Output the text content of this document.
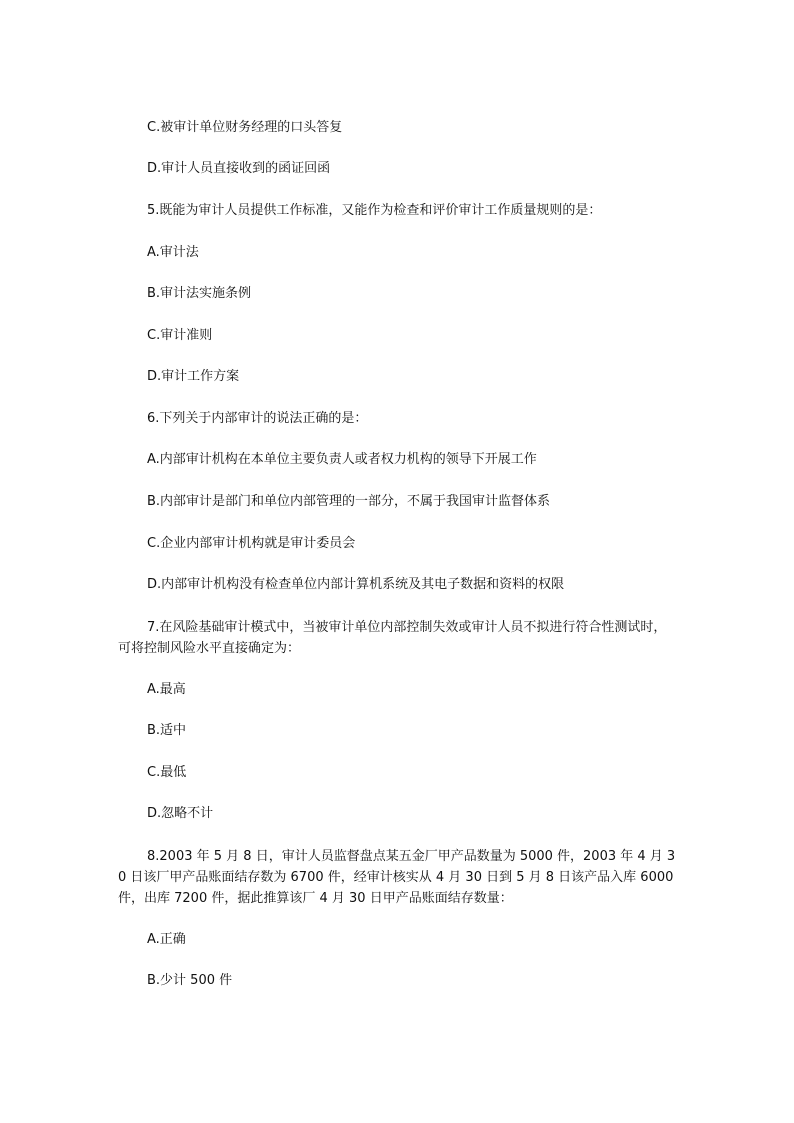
C.被审计单位财务经理的口头答复
D.审计人员直接收到的函证回函
5.既能为审计人员提供工作标准，又能作为检查和评价审计工作质量规则的是：
A.审计法
B.审计法实施条例
C.审计准则
D.审计工作方案
6.下列关于内部审计的说法正确的是：
A.内部审计机构在本单位主要负责人或者权力机构的领导下开展工作
B.内部审计是部门和单位内部管理的一部分，不属于我国审计监督体系
C.企业内部审计机构就是审计委员会
D.内部审计机构没有检查单位内部计算机系统及其电子数据和资料的权限
7.在风险基础审计模式中，当被审计单位内部控制失效或审计人员不拟进行符合性测试时，可将控制风险水平直接确定为：
A.最高
B.适中
C.最低
D.忽略不计
8.2003 年 5 月 8 日，审计人员监督盘点某五金厂甲产品数量为 5000 件，2003 年 4 月 30 日该厂甲产品账面结存数为 6700 件，经审计核实从 4 月 30 日到 5 月 8 日该产品入库 6000 件，出库 7200 件，据此推算该厂 4 月 30 日甲产品账面结存数量：
A.正确
B.少计 500 件
